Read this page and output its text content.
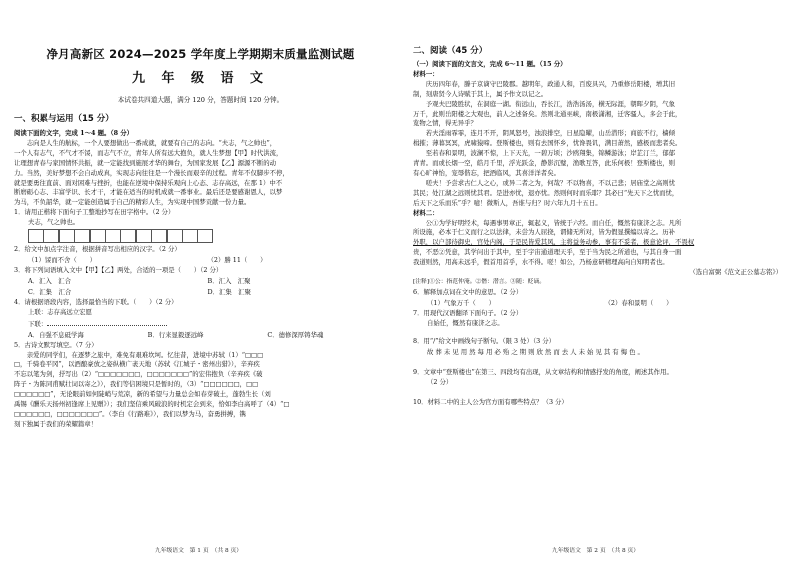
净月高新区 2024—2025 学年度上学期期末质量监测试题
九 年 级 语 文
本试卷共四道大题，满分 120 分，答题时间 120 分钟。
一、积累与运用（15 分）
阅读下面的文字，完成 1～4 题。（8 分）
志向是人生的航标，一个人要想做出一番成就，就要有自己的志向。“夫志，气之帅也”，
一个人有志气，不气才不馁，而志气不立，青年人所有远大抱负，就人生梦想【甲】时代洪流，
让理想青春与家国情怀共振，就一定能找到施展才华的舞台，为国家发展【乙】源源不断的动
力。当然，美好梦想不会自动成真，实现志向往往是一个漫长而艰辛的过程。青年不仅脚步不停，
就是要勇往直前、面对困难与挫折，也能在逆境中保持乐观向上心态、志存高远，在那 1）中不
断磨砺心志、丰富学识、长才干，才能在适当的时机成就一番事业。最后还是要感谢恩人，以梦
为马，不负韶华，就一定能创造属于自己的精彩人生，为实现中国梦贡献一份力量。
1．请用正楷将下面句子工整地抄写在田字格中。（2 分）
夫志，气之帅也。
2．给文中加点字注音，根据拼音写出相应的汉字。（2 分）
（1）馁而不舍（　　）	（2）勝 11（　　）
3．将下列词语填入文中【甲】【乙】两处，合适的一项是（　　）（2 分）
A．汇入　汇合	B．汇入　汇聚
C．汇集　汇合	D．汇集　汇聚
4．请根据语段内容，选择最恰当的下联。（　　）（2 分）
上联：志存高远立宏愿
下联：
A．自强不息砥学海	B．行来显毅逐远峰	C．德修深厚铸华魂
5．古诗文默写填空。（7 分）
亲爱的同学们，在逐梦之旅中，难免有艰难坎坷。忆往昔，进境中苏轼（1）“□□□
□，千骑卷平冈”，以酒酿豪放之姿纵横广袤天地（苏轼《江城子・密州出猎》），辛弃疾
不忘以笔为剑，抒写出（2）“□□□□□□□，□□□□□□□”的宏伟抱负（辛弃疾《破
阵子・为陈同甫赋壮词以寄之》），我们等信困境只是暂时的，（3）“□□□□□□，□□
□□□□□□”，无论眼前如何陡峭与荒凉，新的希望与力量总会如春芽破土，蓬勃生长（刘
禹锡《酬乐天扬州初逢席上见赠》）；我们坚信乘风破浪的时机定会到来，恰如李白高呼了（4）“□
□□□□□□，□□□□□□□”。（李白《行路难》），我们以梦为马，奋勇拼搏，镌
刻下独属于我们的荣耀篇章！
九年级语文　第 1 页　（共 8 页）
二、阅读（45 分）
（一）阅读下面的文言文，完成 6～11 题。（15 分）
材料一：
庆历四年春，滕子京谪守巴陵郡。越明年，政通人和，百废具兴，乃重修岳阳楼，增其旧
制，刻唐贤今人诗赋于其上，属予作文以记之。
予观夫巴陵胜状，在洞庭一湖。衔远山，吞长江，浩浩汤汤，横无际涯，朝晖夕阴，气象
万千，此则岳阳楼之大观也，前人之述备矣。然则北通巫峡，南极潇湘，迁客骚人，多会于此，
览物之情，得无异乎？
若夫淫雨霏霏，连月不开，阴风怒号，浊浪排空，日星隐曜，山岳潜形；商旅不行，樯倾
楫摧；薄暮冥冥，虎啸猿啼。登斯楼也，则有去国怀乡，忧谗畏讥，满目萧然，感极而悲者矣。
至若春和景明，波澜不惊，上下天光，一碧万顷；沙鸥翔集，锦鳞游泳；岸芷汀兰，郁郁
青青。而或长烟一空，皓月千里，浮光跃金，静影沉璧，渔歌互答，此乐何极！登斯楼也，则
有心旷神怡，宠辱偕忘，把酒临风，其喜洋洋者矣。
嗟夫！予尝求古仁人之心，或异二者之为，何哉？不以物喜，不以己悲；居庙堂之高则忧
其民；处江湖之远则忧其君。是进亦忧，退亦忧。然则何时而乐耶？其必曰“先天下之忧而忧，
后天下之乐而乐”乎？噫！微斯人，吾谁与归？时六年九月十五日。
材料二：
公①为学好明经术，每遇事男章正，辄起义，皆统于六经。而自任，慨然有康济之志。凡所
所设施，必本于仁义而行之以法律，未尝为人屈挠，谓储无所对，皆为假显撰编以寄之。历补
外职，以户部待御史，官处内阁，于是民皆爱其风，主将益务动参，事有不妥者，极意论评，不畏权
贵，不恶②凭意，其学问出于其中，至于宇宙通道理天乎，至于当为民之所道也，与其自身一面
我道则然，用高未远乎，假首用首乎，水不得。嗟！如公，乃杨意研精理高向自知明者也。
（选自富弼《范文正公墓志铭》）
[注释]①公：指范仲淹。②僭：潜言。③随：贬谪。
6．解释加点词在文中的意思。（2 分）
（1）气象万千（　　）	（2）春和景明（　　）
7．用现代汉语翻译下面句子。（2 分）
自始任，慨然有康济之志。
8．用“/”给文中画线句子断句。（限 3 处）（3 分）
故 葬 未 见 用 然 每 用 必 殆 之 期 则 欣 然 而 去 人 未 始 见 其 有 悔 色 。
9．文章中“登斯楼也”在第三、四段均有出现，从文章结构和情感抒发的角度，阐述其作用。
（2 分）
10．材料二中的主人公为官方面有哪些特点？（3 分）
九年级语文　第 2 页　（共 8 页）
